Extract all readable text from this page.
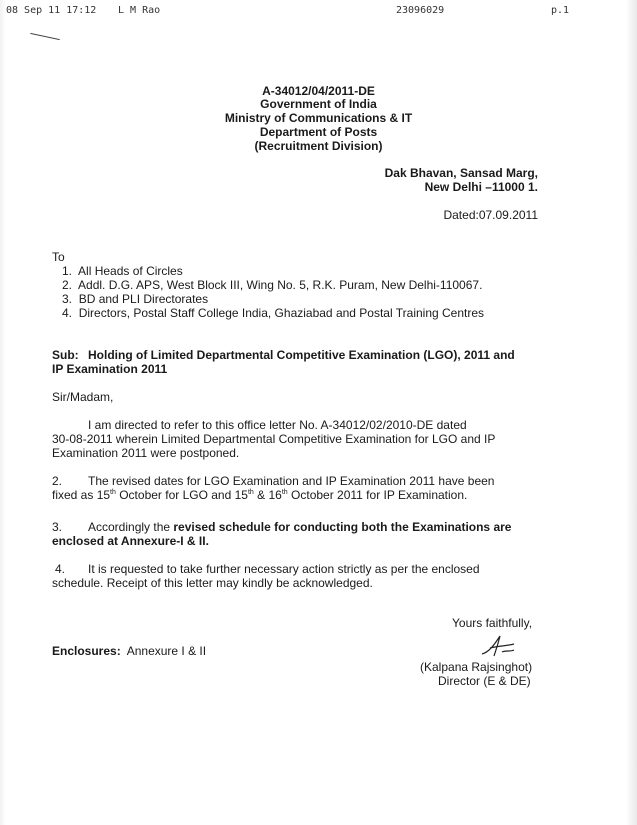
08 Sep 11 17:12 L M Rao	23096029	p.1
A-34012/04/2011-DE
Government of India
Ministry of Communications & IT
Department of Posts
(Recruitment Division)
Dak Bhavan, Sansad Marg,
New Delhi –11000 1.
Dated:07.09.2011
To
1. All Heads of Circles
2. Addl. D.G. APS, West Block III, Wing No. 5, R.K. Puram, New Delhi-110067.
3. BD and PLI Directorates
4. Directors, Postal Staff College India, Ghaziabad and Postal Training Centres
Sub: Holding of Limited Departmental Competitive Examination (LGO), 2011 and
IP Examination 2011
Sir/Madam,
I am directed to refer to this office letter No. A-34012/02/2010-DE dated
30-08-2011 wherein Limited Departmental Competitive Examination for LGO and IP
Examination 2011 were postponed.
2. The revised dates for LGO Examination and IP Examination 2011 have been
fixed as 15th October for LGO and 15th & 16th October 2011 for IP Examination.
3. Accordingly the revised schedule for conducting both the Examinations are
enclosed at Annexure-I & II.
4. It is requested to take further necessary action strictly as per the enclosed
schedule. Receipt of this letter may kindly be acknowledged.
Yours faithfully,
Enclosures: Annexure I & II
(Kalpana Rajsinghot)
Director (E & DE)
